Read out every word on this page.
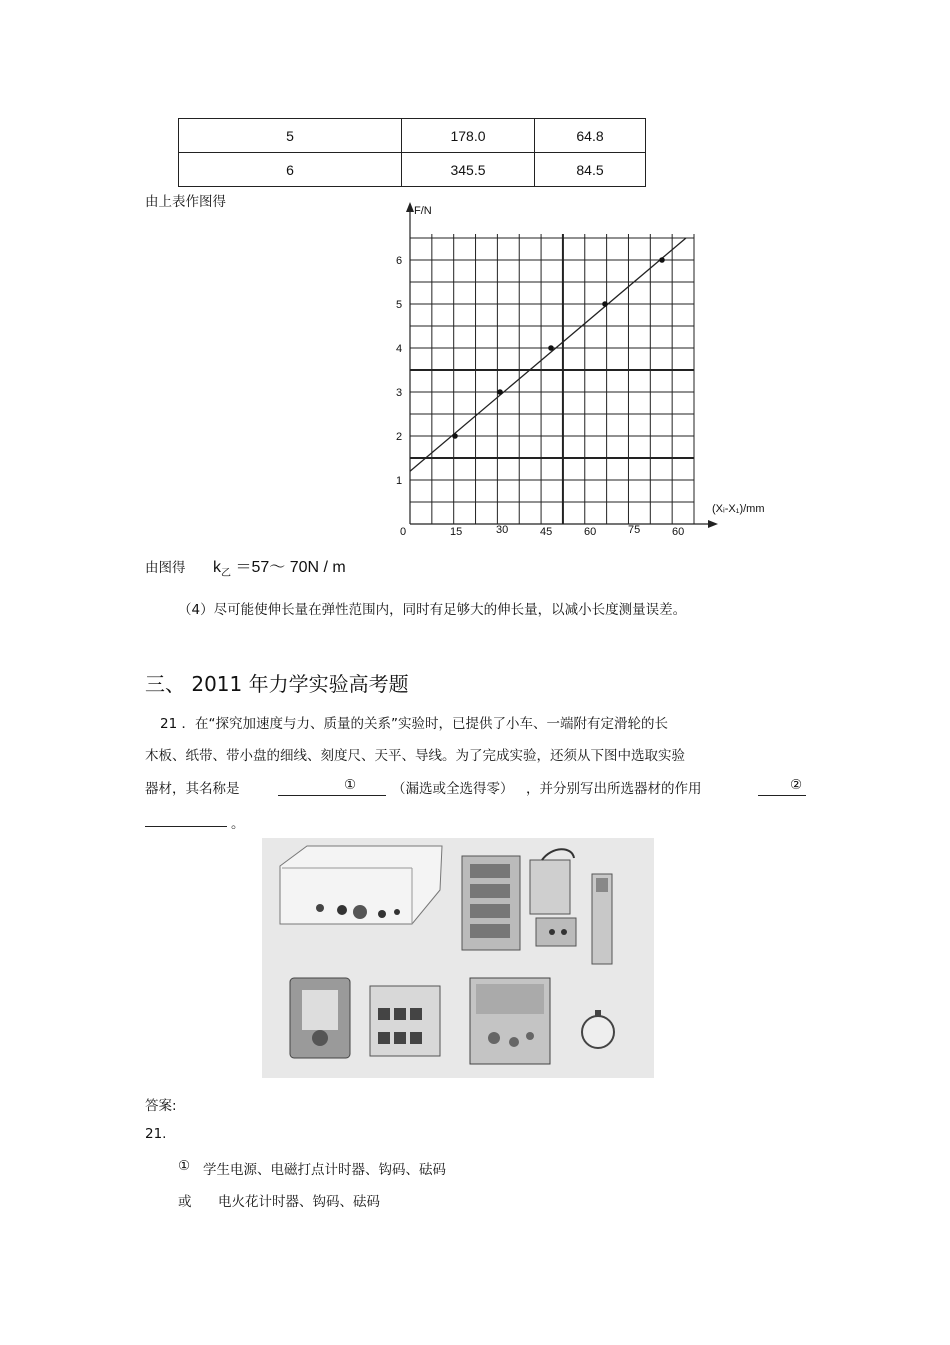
5	178.0	64.8
6	345.5	84.5
由上表作图得
F/N
(Xᵢ-X₁)/mm
1
2
3
4
5
6
0	15	30	45	60	75	60
由图得 $k_乙$ ＝57～ 70N / m
（4）尽可能使伸长量在弹性范围内，同时有足够大的伸长量，以减小长度测量误差。
三、 2011 年力学实验高考题
21 ．在“探究加速度与力、质量的关系”实验时，已提供了小车、一端附有定滑轮的长
木板、纸带、带小盘的细线、刻度尺、天平、导线。为了完成实验，还须从下图中选取实验
器材，其名称是	①	（漏选或全选得零） ，并分别写出所选器材的作用	②
。
答案:
21.
① 学生电源、电磁打点计时器、钩码、砝码
或 电火花计时器、钩码、砝码
